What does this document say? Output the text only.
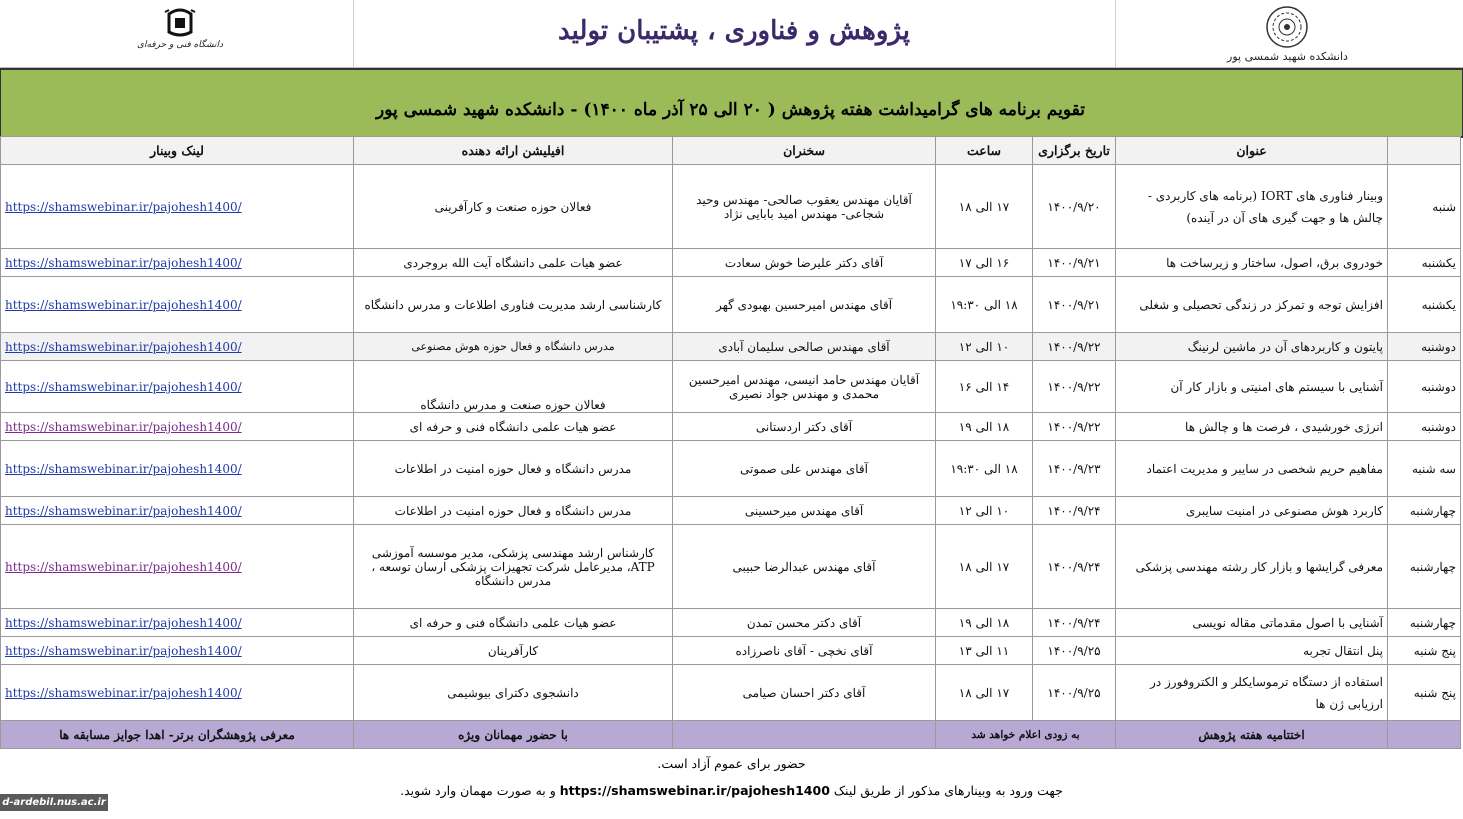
دانشگاه فنی و حرفه‌ای	پژوهش و فناوری ، پشتیبان تولید
دانشکده شهید شمسی پور
تقویم برنامه های گرامیداشت هفته پژوهش ( ۲۰ الی ۲۵ آذر ماه ۱۴۰۰) - دانشکده شهید شمسی پور
لینک وبینار	افیلیشن ارائه دهنده	سخنران	ساعت	تاریخ برگزاری	عنوان	
https://shamswebinar.ir/pajohesh1400/	فعالان حوزه صنعت و کارآفرینی	آقایان مهندس یعقوب صالحی- مهندس وحید شجاعی- مهندس امید بابایی نژاد	۱۷ الی ۱۸	۱۴۰۰/۹/۲۰	وبینار فناوری های IORT (برنامه های کاربردی - چالش ها و جهت گیری های آن در آینده)	شنبه
https://shamswebinar.ir/pajohesh1400/	عضو هیات علمی دانشگاه آیت الله بروجردی	آقای دکتر علیرضا خوش سعادت	۱۶ الی ۱۷	۱۴۰۰/۹/۲۱	خودروی برق، اصول، ساختار و زیرساخت ها	یکشنبه
https://shamswebinar.ir/pajohesh1400/	کارشناسی ارشد مدیریت فناوری اطلاعات و مدرس دانشگاه	آقای مهندس امیرحسین بهبودی گهر	۱۸ الی ۱۹:۳۰	۱۴۰۰/۹/۲۱	افزایش توجه و تمرکز در زندگی تحصیلی و شغلی	یکشنبه
https://shamswebinar.ir/pajohesh1400/	مدرس دانشگاه و فعال حوزه هوش مصنوعی	آقای مهندس صالحی سلیمان آبادی	۱۰ الی ۱۲	۱۴۰۰/۹/۲۲	پایتون و کاربردهای آن در ماشین لرنینگ	دوشنبه
https://shamswebinar.ir/pajohesh1400/	فعالان حوزه صنعت و مدرس دانشگاه	آقایان مهندس حامد انیسی، مهندس امیرحسین محمدی و مهندس جواد نصیری	۱۴ الی ۱۶	۱۴۰۰/۹/۲۲	آشنایی با سیستم های امنیتی و بازار کار آن	دوشنبه
https://shamswebinar.ir/pajohesh1400/	عضو هیات علمی دانشگاه فنی و حرفه ای	آقای دکتر اردستانی	۱۸ الی ۱۹	۱۴۰۰/۹/۲۲	انرژی خورشیدی ، فرصت ها و چالش ها	دوشنبه
https://shamswebinar.ir/pajohesh1400/	مدرس دانشگاه و فعال حوزه امنیت در اطلاعات	آقای مهندس علی صموتی	۱۸ الی ۱۹:۳۰	۱۴۰۰/۹/۲۳	مفاهیم حریم شخصی در سایبر و مدیریت اعتماد	سه شنبه
https://shamswebinar.ir/pajohesh1400/	مدرس دانشگاه و فعال حوزه امنیت در اطلاعات	آقای مهندس میرحسینی	۱۰ الی ۱۲	۱۴۰۰/۹/۲۴	کاربرد هوش مصنوعی در امنیت سایبری	چهارشنبه
https://shamswebinar.ir/pajohesh1400/	کارشناس ارشد مهندسی پزشکی، مدیر موسسه آموزشی ATP، مدیرعامل شرکت تجهیزات پزشکی ارسان توسعه ، مدرس دانشگاه	آقای مهندس عبدالرضا حبیبی	۱۷ الی ۱۸	۱۴۰۰/۹/۲۴	معرفی گرایشها و بازار کار رشته مهندسی پزشکی	چهارشنبه
https://shamswebinar.ir/pajohesh1400/	عضو هیات علمی دانشگاه فنی و حرفه ای	آقای دکتر محسن تمدن	۱۸ الی ۱۹	۱۴۰۰/۹/۲۴	آشنایی با اصول مقدماتی مقاله نویسی	چهارشنبه
https://shamswebinar.ir/pajohesh1400/	کارآفرینان	آقای نخچی - آقای ناصرزاده	۱۱ الی ۱۳	۱۴۰۰/۹/۲۵	پنل انتقال تجربه	پنج شنبه
https://shamswebinar.ir/pajohesh1400/	دانشجوی دکترای بیوشیمی	آقای دکتر احسان صیامی	۱۷ الی ۱۸	۱۴۰۰/۹/۲۵	استفاده از دستگاه ترموسایکلر و الکتروفورز در ارزیابی ژن ها	پنج شنبه
معرفی پژوهشگران برتر- اهدا جوایز مسابقه ها	با حضور مهمانان ویژه		به زودی اعلام خواهد شد		اختتامیه هفته پژوهش	
حضور برای عموم آزاد است.
جهت ورود به وبینارهای مذکور از طریق لینک https://shamswebinar.ir/pajohesh1400 و به صورت مهمان وارد شوید.
d-ardebil.nus.ac.ir
